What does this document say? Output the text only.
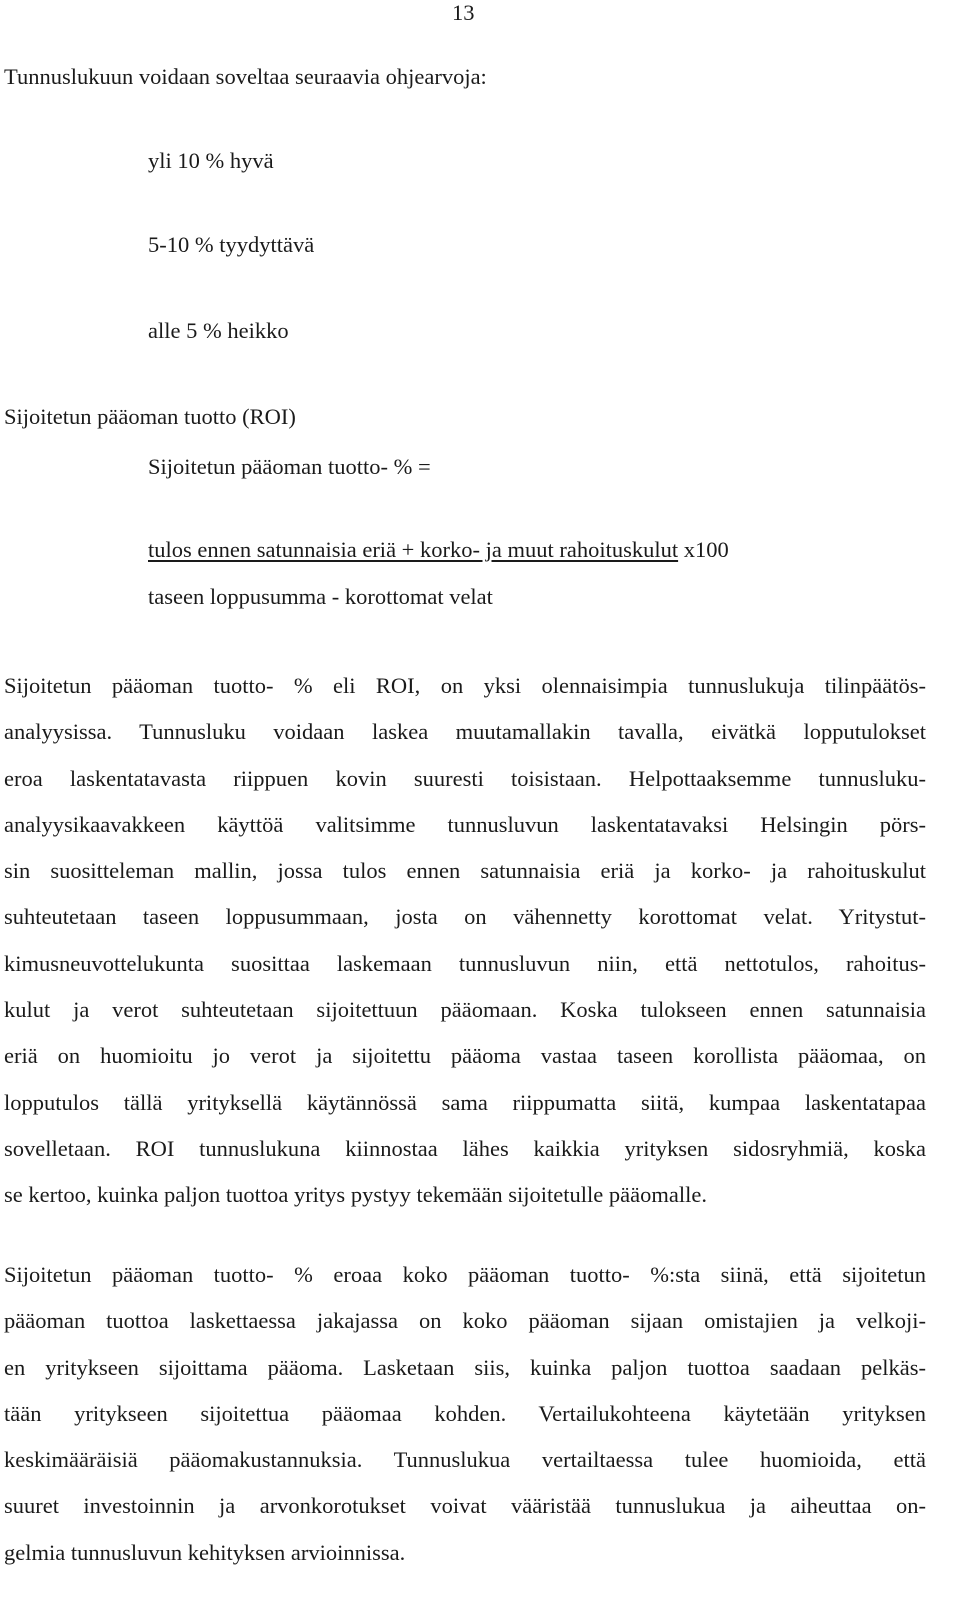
13
Tunnuslukuun voidaan soveltaa seuraavia ohjearvoja:
yli 10 % hyvä
5-10 % tyydyttävä
alle 5 % heikko
Sijoitetun pääoman tuotto (ROI)
Sijoitetun pääoman tuotto- % =
tulos ennen satunnaisia eriä + korko- ja muut rahoituskulut x100
taseen loppusumma - korottomat velat
Sijoitetun pääoman tuotto- % eli ROI, on yksi olennaisimpia tunnuslukuja tilinpäätös-
analyysissa. Tunnusluku voidaan laskea muutamallakin tavalla, eivätkä lopputulokset
eroa laskentatavasta riippuen kovin suuresti toisistaan. Helpottaaksemme tunnusluku-
analyysikaavakkeen käyttöä valitsimme tunnusluvun laskentatavaksi Helsingin pörs-
sin suositteleman mallin, jossa tulos ennen satunnaisia eriä ja korko- ja rahoituskulut
suhteutetaan taseen loppusummaan, josta on vähennetty korottomat velat. Yritystut-
kimusneuvottelukunta suosittaa laskemaan tunnusluvun niin, että nettotulos, rahoitus-
kulut ja verot suhteutetaan sijoitettuun pääomaan. Koska tulokseen ennen satunnaisia
eriä on huomioitu jo verot ja sijoitettu pääoma vastaa taseen korollista pääomaa, on
lopputulos tällä yrityksellä käytännössä sama riippumatta siitä, kumpaa laskentatapaa
sovelletaan. ROI tunnuslukuna kiinnostaa lähes kaikkia yrityksen sidosryhmiä, koska
se kertoo, kuinka paljon tuottoa yritys pystyy tekemään sijoitetulle pääomalle.
Sijoitetun pääoman tuotto- % eroaa koko pääoman tuotto- %:sta siinä, että sijoitetun
pääoman tuottoa laskettaessa jakajassa on koko pääoman sijaan omistajien ja velkoji-
en yritykseen sijoittama pääoma. Lasketaan siis, kuinka paljon tuottoa saadaan pelkäs-
tään yritykseen sijoitettua pääomaa kohden. Vertailukohteena käytetään yrityksen
keskimääräisiä pääomakustannuksia. Tunnuslukua vertailtaessa tulee huomioida, että
suuret investoinnin ja arvonkorotukset voivat vääristää tunnuslukua ja aiheuttaa on-
gelmia tunnusluvun kehityksen arvioinnissa.
